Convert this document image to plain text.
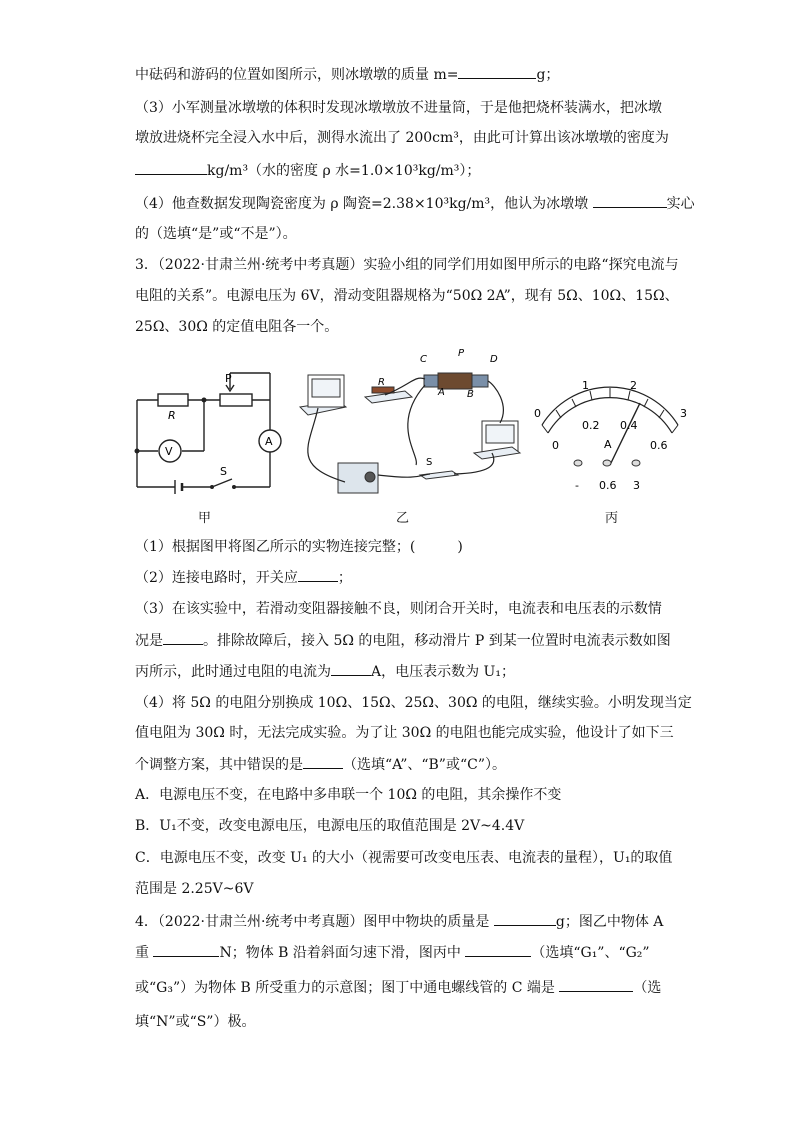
中砝码和游码的位置如图所示，则冰墩墩的质量 m=	g；
（3）小军测量冰墩墩的体积时发现冰墩墩放不进量筒，于是他把烧杯装满水，把冰墩
墩放进烧杯完全浸入水中后，测得水流出了 200cm³，由此可计算出该冰墩墩的密度为
kg/m³（水的密度 ρ 水=1.0×10³kg/m³）；
（4）他查数据发现陶瓷密度为 ρ 陶瓷=2.38×10³kg/m³，他认为冰墩墩	实心
的（选填“是”或“不是”）。
3．（2022·甘肃兰州·统考中考真题）实验小组的同学们用如图甲所示的电路“探究电流与
电阻的关系”。电源电压为 6V，滑动变阻器规格为“50Ω 2A”，现有 5Ω、10Ω、15Ω、
25Ω、30Ω 的定值电阻各一个。
P
R
V
A
S
C
P
D
A B
R
S
1	2
0	3
0.2 0.4
0	0.6
A
- 0.6 3
甲	乙	丙
（1）根据图甲将图乙所示的实物连接完整；(　　　)
（2）连接电路时，开关应	；
（3）在该实验中，若滑动变阻器接触不良，则闭合开关时，电流表和电压表的示数情
况是	。排除故障后，接入 5Ω 的电阻，移动滑片 P 到某一位置时电流表示数如图
丙所示，此时通过电阻的电流为	A，电压表示数为 U₁；
（4）将 5Ω 的电阻分别换成 10Ω、15Ω、25Ω、30Ω 的电阻，继续实验。小明发现当定
值电阻为 30Ω 时，无法完成实验。为了让 30Ω 的电阻也能完成实验，他设计了如下三
个调整方案，其中错误的是	（选填“A”、“B”或“C”）。
A．电源电压不变，在电路中多串联一个 10Ω 的电阻，其余操作不变
B．U₁不变，改变电源电压，电源电压的取值范围是 2V~4.4V
C．电源电压不变，改变 U₁ 的大小（视需要可改变电压表、电流表的量程），U₁的取值
范围是 2.25V~6V
4．（2022·甘肃兰州·统考中考真题）图甲中物块的质量是	g；图乙中物体 A
重	N；物体 B 沿着斜面匀速下滑，图丙中	（选填“G₁”、“G₂”
或“G₃”）为物体 B 所受重力的示意图；图丁中通电螺线管的 C 端是	（选
填“N”或“S”）极。
